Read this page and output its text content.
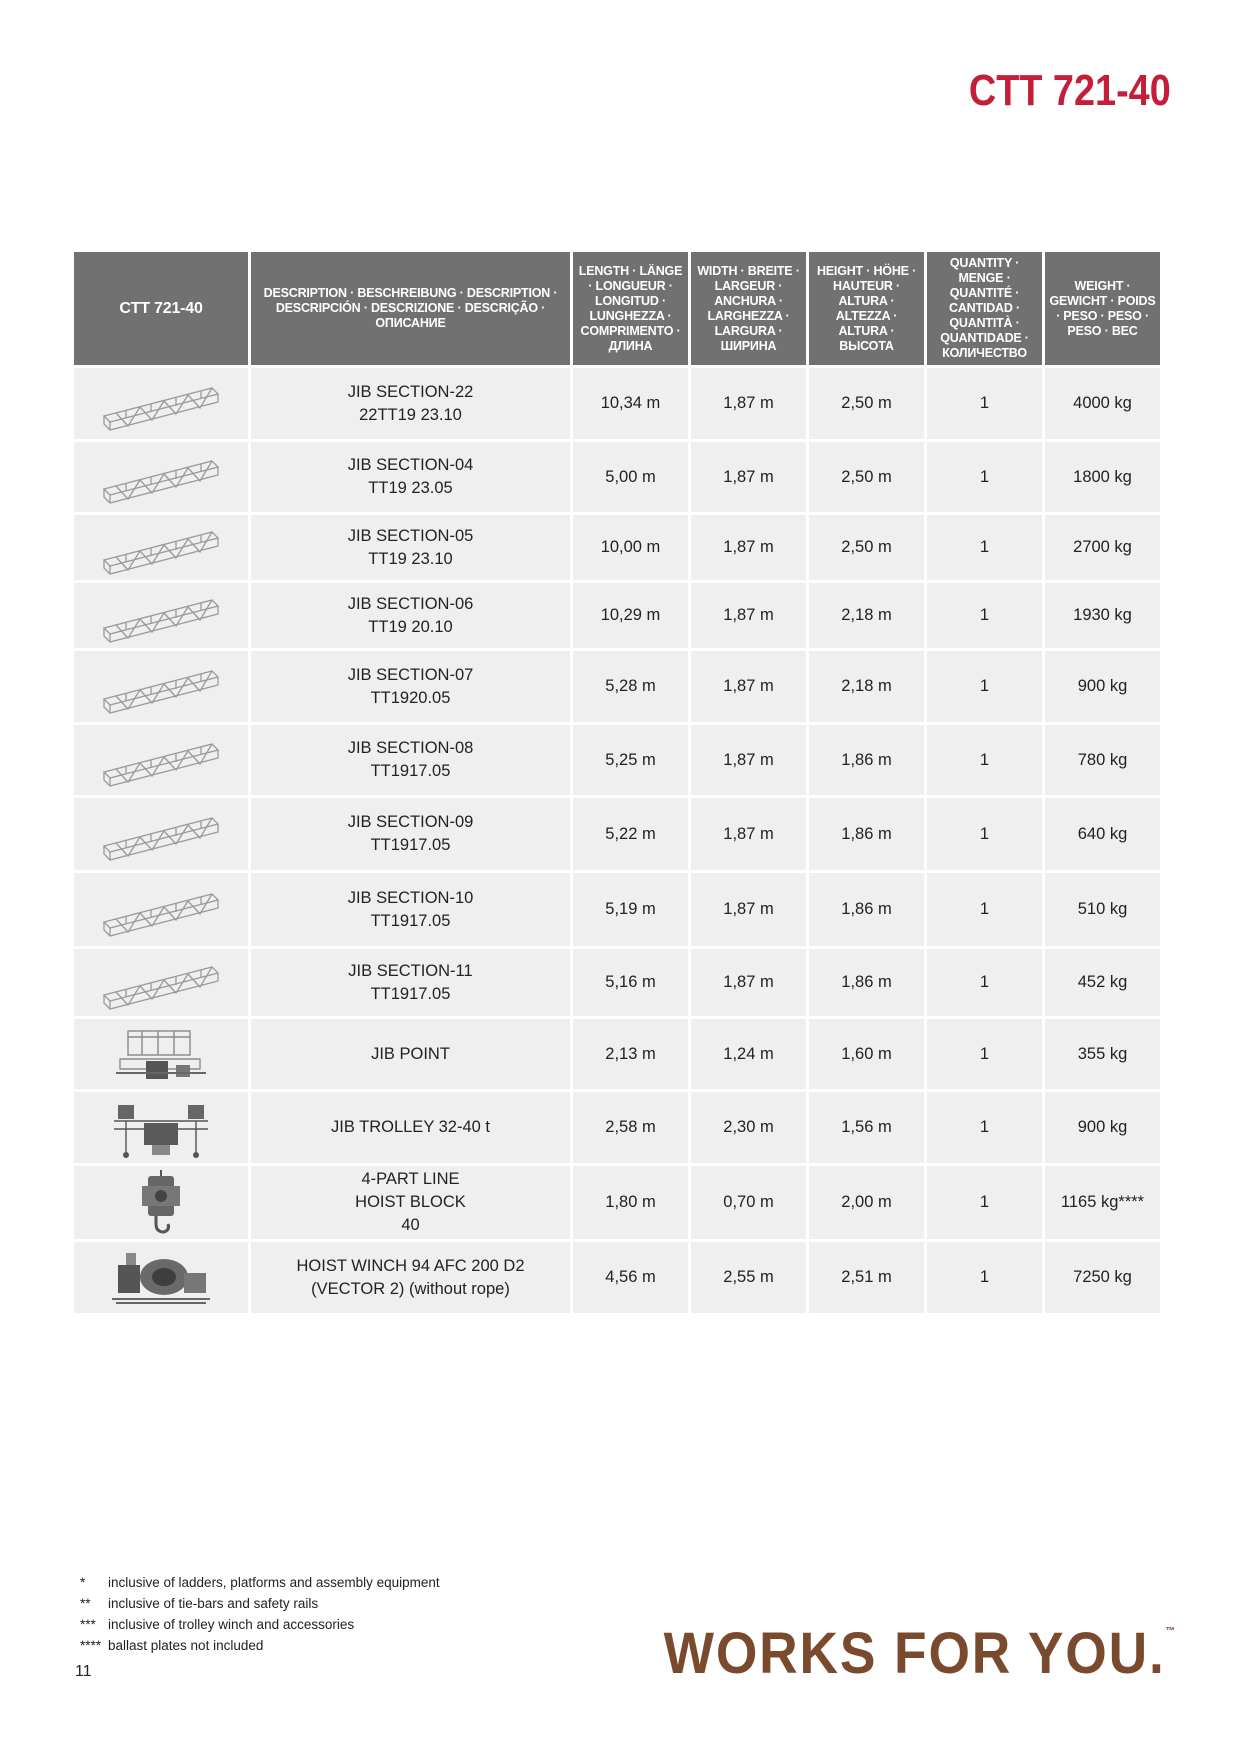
CTT 721-40
CTT 721-40	DESCRIPTION · BESCHREIBUNG · DESCRIPTION · DESCRIPCIÓN · DESCRIZIONE · DESCRIÇÃO · ОПИСАНИЕ	LENGTH · LÄNGE · LONGUEUR · LONGITUD · LUNGHEZZA · COMPRIMENTO · ДЛИНА	WIDTH · BREITE · LARGEUR · ANCHURA · LARGHEZZA · LARGURA · ШИРИНА	HEIGHT · HÖHE · HAUTEUR · ALTURA · ALTEZZA · ALTURA · ВЫСОТА	QUANTITY · MENGE · QUANTITÉ · CANTIDAD · QUANTITÀ · QUANTIDADE · КОЛИЧЕСТВО	WEIGHT · GEWICHT · POIDS · PESO · PESO · PESO · ВЕС

JIB SECTION-22
22TT19 23.10	10,34 m	1,87 m	2,50 m	1	4000 kg

JIB SECTION-04
TT19 23.05	5,00 m	1,87 m	2,50 m	1	1800 kg

JIB SECTION-05
TT19 23.10	10,00 m	1,87 m	2,50 m	1	2700 kg

JIB SECTION-06
TT19 20.10	10,29 m	1,87 m	2,18 m	1	1930 kg

JIB SECTION-07
TT1920.05	5,28 m	1,87 m	2,18 m	1	900 kg

JIB SECTION-08
TT1917.05	5,25 m	1,87 m	1,86 m	1	780 kg

JIB SECTION-09
TT1917.05	5,22 m	1,87 m	1,86 m	1	640 kg

JIB SECTION-10
TT1917.05	5,19 m	1,87 m	1,86 m	1	510 kg

JIB SECTION-11
TT1917.05	5,16 m	1,87 m	1,86 m	1	452 kg

JIB POINT	2,13 m	1,24 m	1,60 m	1	355 kg

JIB TROLLEY 32-40 t	2,58 m	2,30 m	1,56 m	1	900 kg

4-PART LINE
HOIST BLOCK
40	1,80 m	0,70 m	2,00 m	1	1165 kg****

HOIST WINCH 94 AFC 200 D2
(VECTOR 2) (without rope)	4,56 m	2,55 m	2,51 m	1	7250 kg
*	inclusive of ladders, platforms and assembly equipment
**	inclusive of tie-bars and safety rails
*** inclusive of trolley winch and accessories
**** ballast plates not included
11	WORKS FOR YOU.™
